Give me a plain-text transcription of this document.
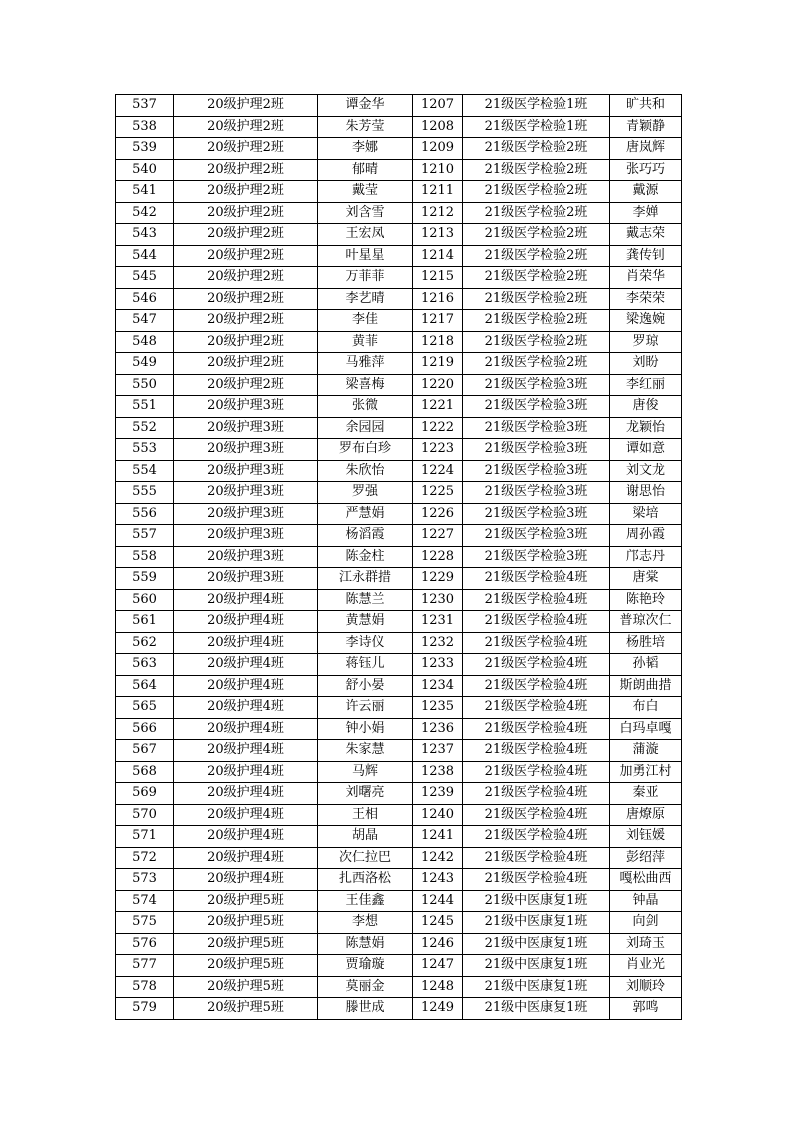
537	20级护理2班	谭金华	1207	21级医学检验1班	旷共和
538	20级护理2班	朱芳莹	1208	21级医学检验1班	青颖静
539	20级护理2班	李娜	1209	21级医学检验2班	唐岚辉
540	20级护理2班	郁晴	1210	21级医学检验2班	张巧巧
541	20级护理2班	戴莹	1211	21级医学检验2班	戴源
542	20级护理2班	刘含雪	1212	21级医学检验2班	李婵
543	20级护理2班	王宏凤	1213	21级医学检验2班	戴志荣
544	20级护理2班	叶星星	1214	21级医学检验2班	龚传钊
545	20级护理2班	万菲菲	1215	21级医学检验2班	肖荣华
546	20级护理2班	李艺晴	1216	21级医学检验2班	李荣荣
547	20级护理2班	李佳	1217	21级医学检验2班	梁逸婉
548	20级护理2班	黄菲	1218	21级医学检验2班	罗琼
549	20级护理2班	马雅萍	1219	21级医学检验2班	刘盼
550	20级护理2班	梁喜梅	1220	21级医学检验3班	李红丽
551	20级护理3班	张微	1221	21级医学检验3班	唐俊
552	20级护理3班	余园园	1222	21级医学检验3班	龙颖怡
553	20级护理3班	罗布白珍	1223	21级医学检验3班	谭如意
554	20级护理3班	朱欣怡	1224	21级医学检验3班	刘文龙
555	20级护理3班	罗强	1225	21级医学检验3班	谢思怡
556	20级护理3班	严慧娟	1226	21级医学检验3班	梁培
557	20级护理3班	杨滔霞	1227	21级医学检验3班	周孙霞
558	20级护理3班	陈金柱	1228	21级医学检验3班	邝志丹
559	20级护理3班	江永群措	1229	21级医学检验4班	唐棠
560	20级护理4班	陈慧兰	1230	21级医学检验4班	陈艳玲
561	20级护理4班	黄慧娟	1231	21级医学检验4班	普琼次仁
562	20级护理4班	李诗仪	1232	21级医学检验4班	杨胜培
563	20级护理4班	蒋钰儿	1233	21级医学检验4班	孙韬
564	20级护理4班	舒小晏	1234	21级医学检验4班	斯朗曲措
565	20级护理4班	许云丽	1235	21级医学检验4班	布白
566	20级护理4班	钟小娟	1236	21级医学检验4班	白玛卓嘎
567	20级护理4班	朱家慧	1237	21级医学检验4班	蒲漩
568	20级护理4班	马辉	1238	21级医学检验4班	加勇江村
569	20级护理4班	刘曙亮	1239	21级医学检验4班	秦亚
570	20级护理4班	王相	1240	21级医学检验4班	唐燎原
571	20级护理4班	胡晶	1241	21级医学检验4班	刘钰媛
572	20级护理4班	次仁拉巴	1242	21级医学检验4班	彭绍萍
573	20级护理4班	扎西洛松	1243	21级医学检验4班	嘎松曲西
574	20级护理5班	王佳鑫	1244	21级中医康复1班	钟晶
575	20级护理5班	李想	1245	21级中医康复1班	向剑
576	20级护理5班	陈慧娟	1246	21级中医康复1班	刘琦玉
577	20级护理5班	贾瑜璇	1247	21级中医康复1班	肖业光
578	20级护理5班	莫丽金	1248	21级中医康复1班	刘顺玲
579	20级护理5班	滕世成	1249	21级中医康复1班	郭鸣
